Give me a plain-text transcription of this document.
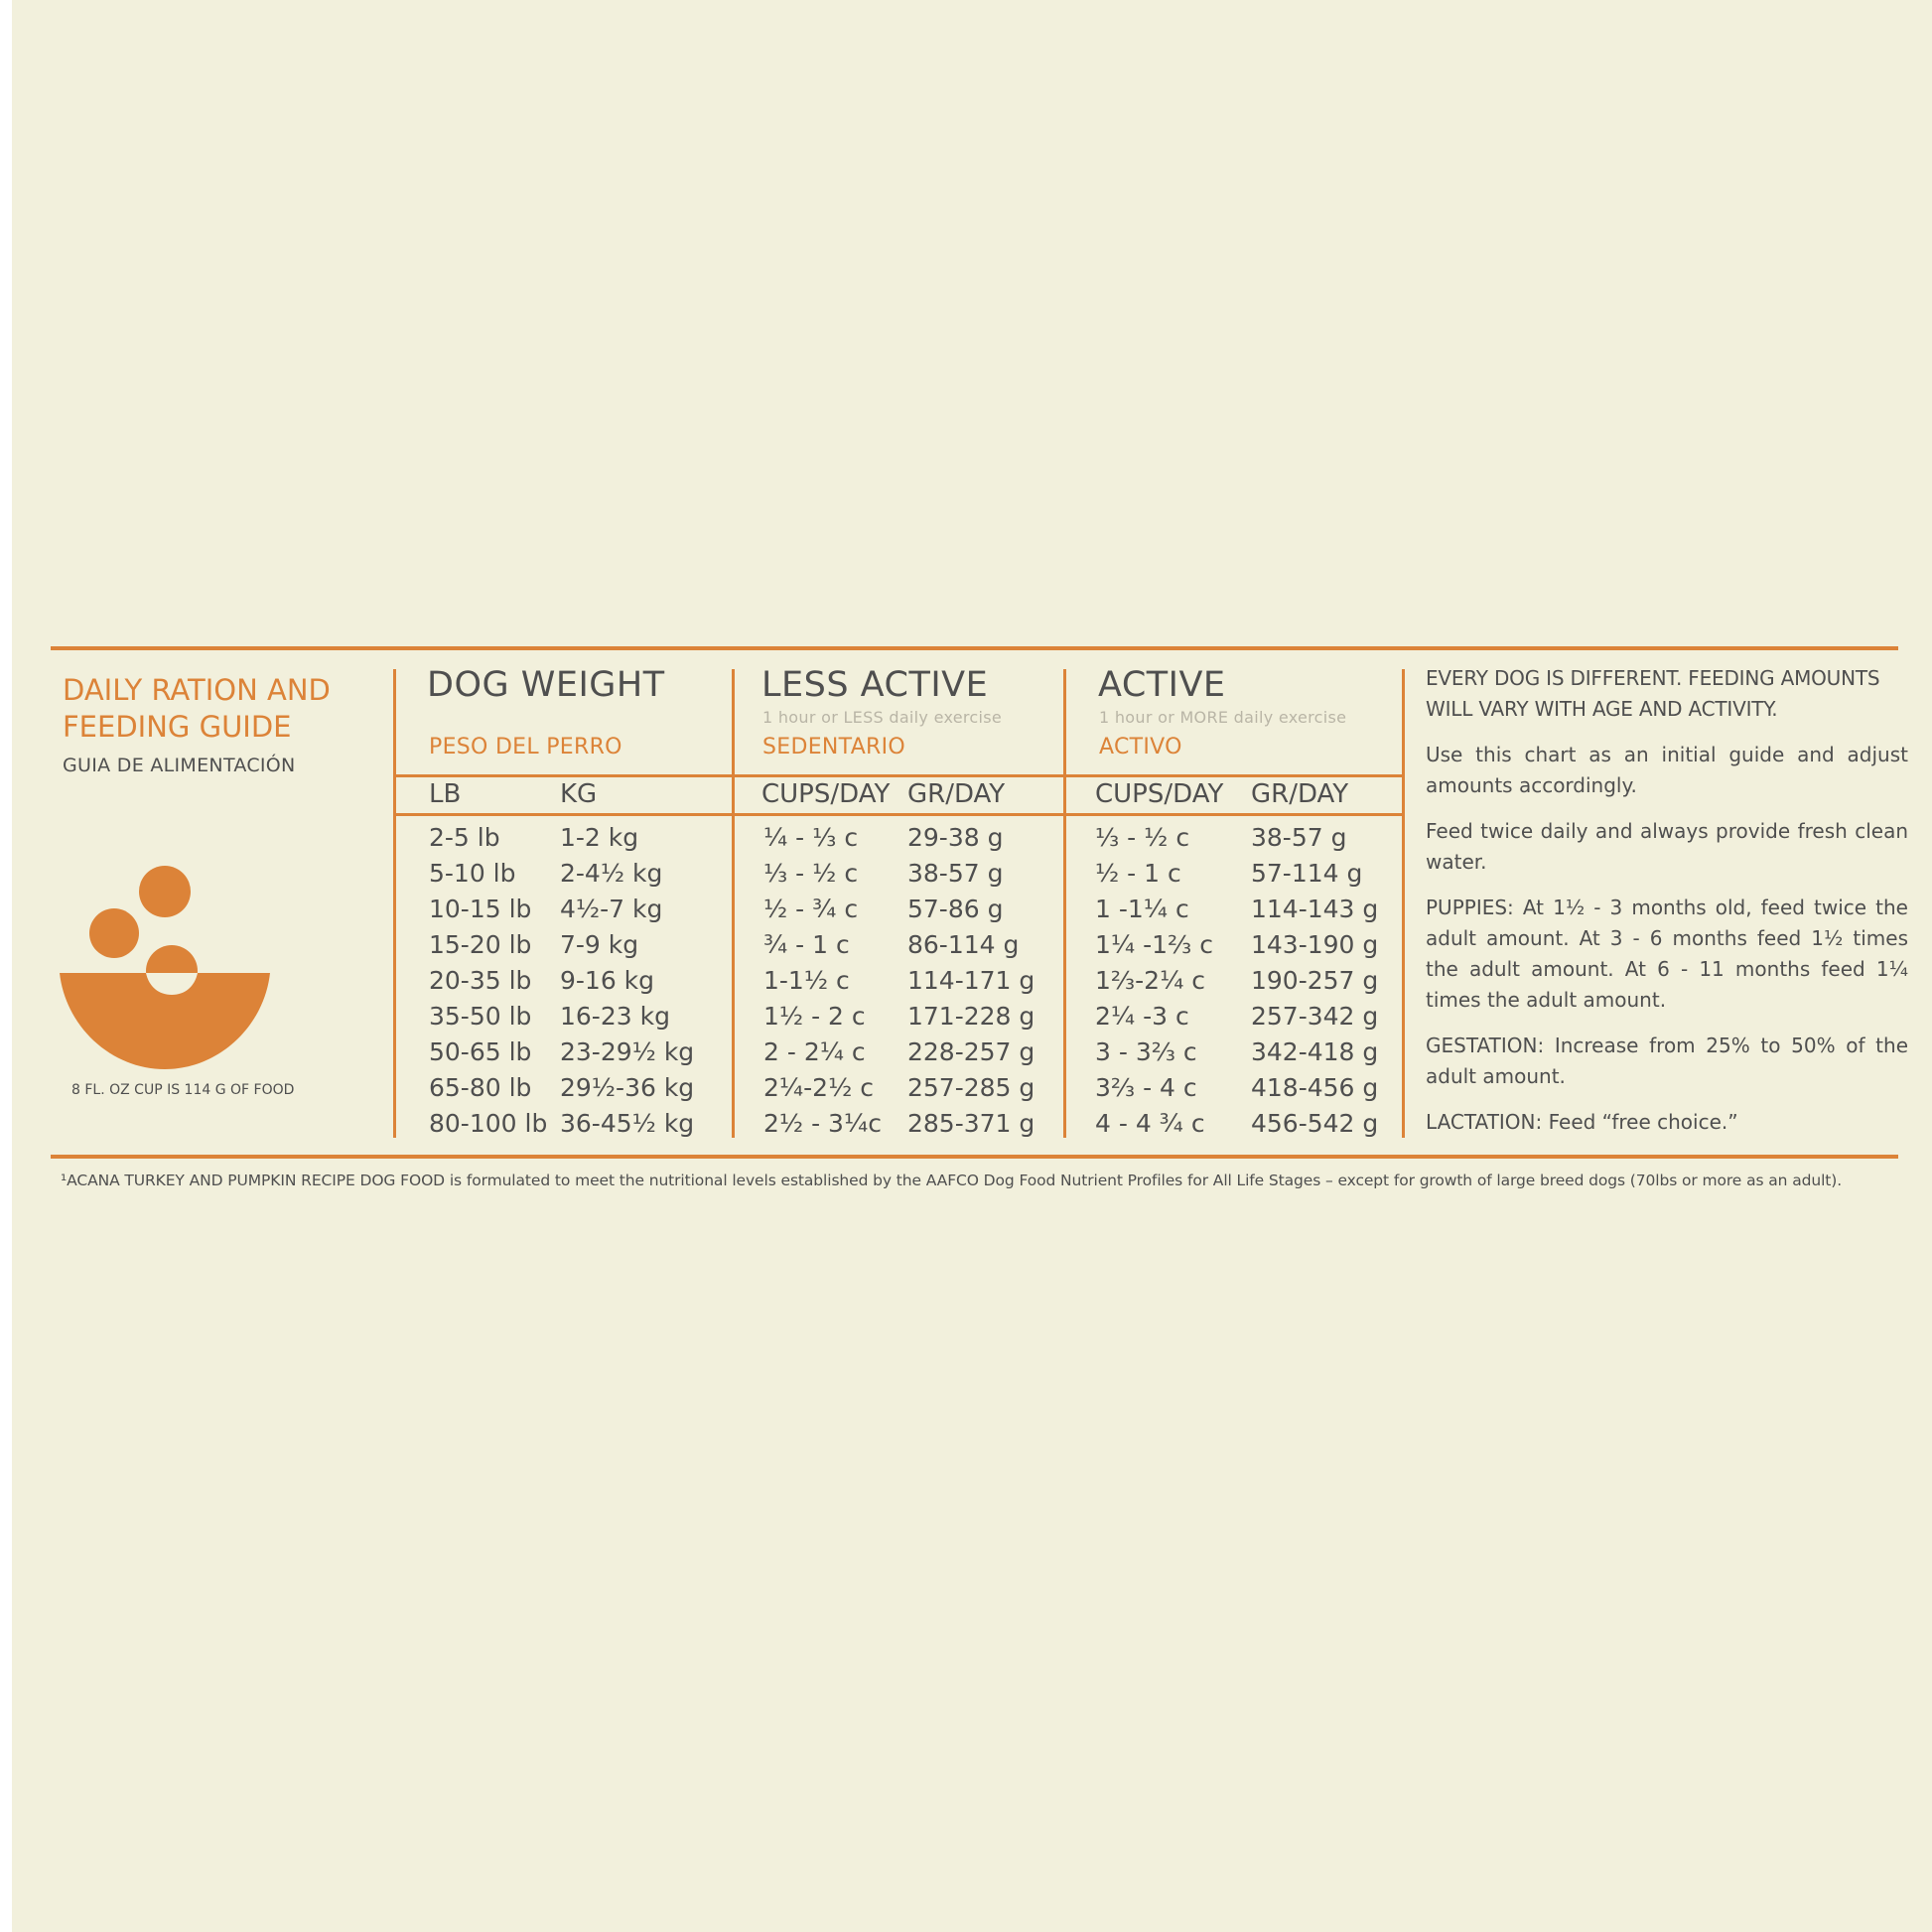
DAILY RATION AND
FEEDING GUIDE
GUIA DE ALIMENTACIÓN
8 FL. OZ CUP IS 114 G OF FOOD
DOG WEIGHT
PESO DEL PERRO
LESS ACTIVE
1 hour or LESS daily exercise
SEDENTARIO
ACTIVE
1 hour or MORE daily exercise
ACTIVO
LB	KG	CUPS/DAY GR/DAY	CUPS/DAY GR/DAY
2-5 lb 1-2 kg	¼ - ⅓ c 29-38 g	⅓ - ½ c 38-57 g
5-10 lb 2-4½ kg	⅓ - ½ c 38-57 g	½ - 1 c	57-114 g
10-15 lb 4½-7 kg	½ - ¾ c 57-86 g	1 -1¼ c 114-143 g
15-20 lb 7-9 kg	¾ - 1 c 86-114 g	1¼ -1⅔ c 143-190 g
20-35 lb 9-16 kg	1-1½ c 114-171 g 1⅔-2¼ c 190-257 g
35-50 lb 16-23 kg	1½ - 2 c 171-228 g 2¼ -3 c 257-342 g
50-65 lb 23-29½ kg	2 - 2¼ c 228-257 g 3 - 3⅔ c 342-418 g
65-80 lb 29½-36 kg	2¼-2½ c 257-285 g 3⅔ - 4 c 418-456 g
80-100 lb 36-45½ kg	2½ - 3¼c 285-371 g 4 - 4 ¾ c 456-542 g

EVERY DOG IS DIFFERENT. FEEDING AMOUNTS WILL VARY WITH AGE AND ACTIVITY.

Use this chart as an initial guide and adjust amounts accordingly.

Feed twice daily and always provide fresh clean water.

PUPPIES: At 1½ - 3 months old, feed twice the adult amount. At 3 - 6 months feed 1½ times the adult amount. At 6 - 11 months feed 1¼ times the adult amount.

GESTATION: Increase from 25% to 50% of the adult amount.

LACTATION: Feed “free choice.”

¹ACANA TURKEY AND PUMPKIN RECIPE DOG FOOD is formulated to meet the nutritional levels established by the AAFCO Dog Food Nutrient Profiles for All Life Stages – except for growth of large breed dogs (70lbs or more as an adult).
